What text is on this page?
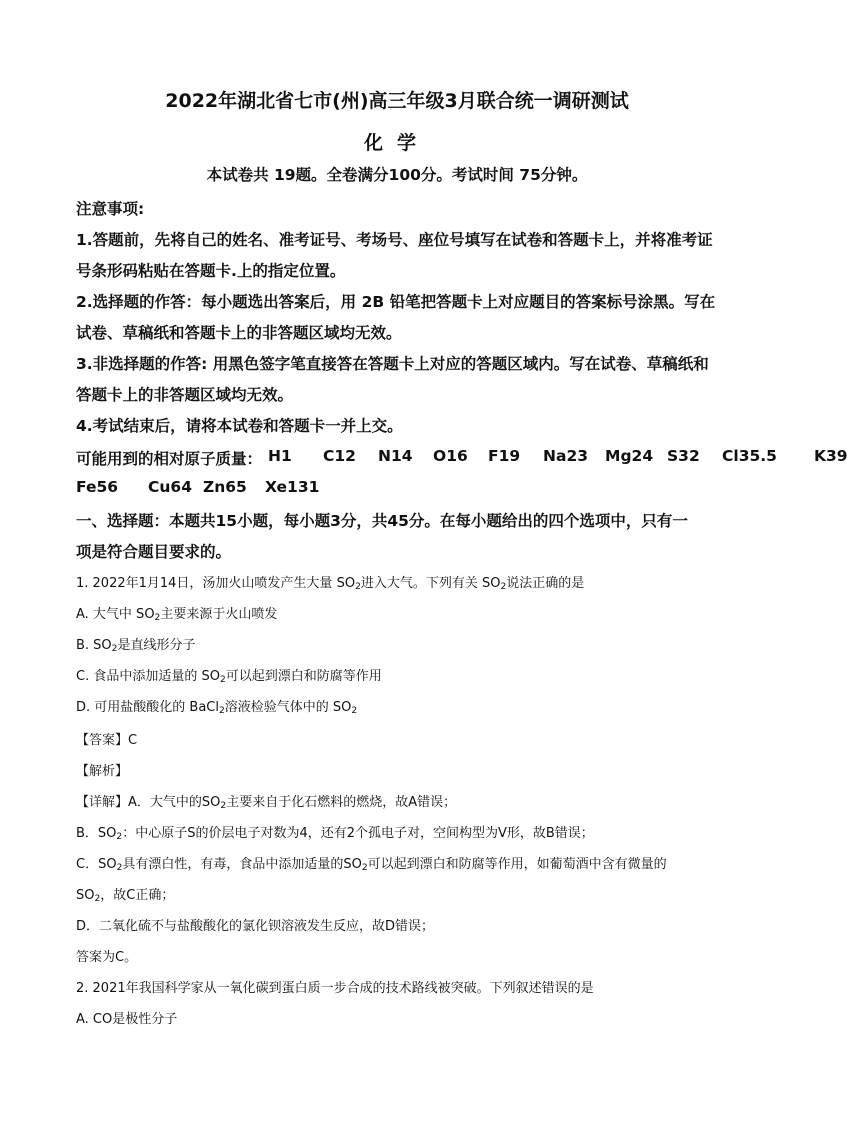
2022年湖北省七市(州)高三年级3月联合统一调研测试
化学
本试卷共 19题。全卷满分100分。考试时间 75分钟。
注意事项:
1.答题前，先将自己的姓名、准考证号、考场号、座位号填写在试卷和答题卡上，并将准考证
号条形码粘贴在答题卡.上的指定位置。
2.选择题的作答：每小题选出答案后，用 2B 铅笔把答题卡上对应题目的答案标号涂黑。写在
试卷、草稿纸和答题卡上的非答题区域均无效。
3.非选择题的作答: 用黑色签字笔直接答在答题卡上对应的答题区域内。写在试卷、草稿纸和
答题卡上的非答题区域均无效。
4.考试结束后，请将本试卷和答题卡一并上交。
可能用到的相对原子质量： H1	C12	N14	O16	F19	Na23	Mg24 S32	Cl35.5	K39
Fe56	Cu64 Zn65	Xe131
一、选择题：本题共15小题，每小题3分，共45分。在每小题给出的四个选项中，只有一
项是符合题目要求的。
1. 2022年1月14日，汤加火山喷发产生大量 $SO_2$进入大气。下列有关 $SO_2$说法正确的是
A. 大气中 $SO_2$主要来源于火山喷发
B. $SO_2$是直线形分子
C. 食品中添加适量的 $SO_2$可以起到漂白和防腐等作用
D. 可用盐酸酸化的 BaCl$_2$溶液检验气体中的 $SO_2$
【答案】C
【解析】
【详解】A．大气中的$SO_2$主要来自于化石燃料的燃烧，故A错误；
B．$SO_2$：中心原子S的价层电子对数为4，还有2个孤电子对，空间构型为V形，故B错误；
C．$SO_2$具有漂白性，有毒，食品中添加适量的$SO_2$可以起到漂白和防腐等作用，如葡萄酒中含有微量的
$SO_2$，故C正确；
D．二氧化硫不与盐酸酸化的氯化钡溶液发生反应，故D错误；
答案为C。
2. 2021年我国科学家从一氧化碳到蛋白质一步合成的技术路线被突破。下列叙述错误的是
A. CO是极性分子
